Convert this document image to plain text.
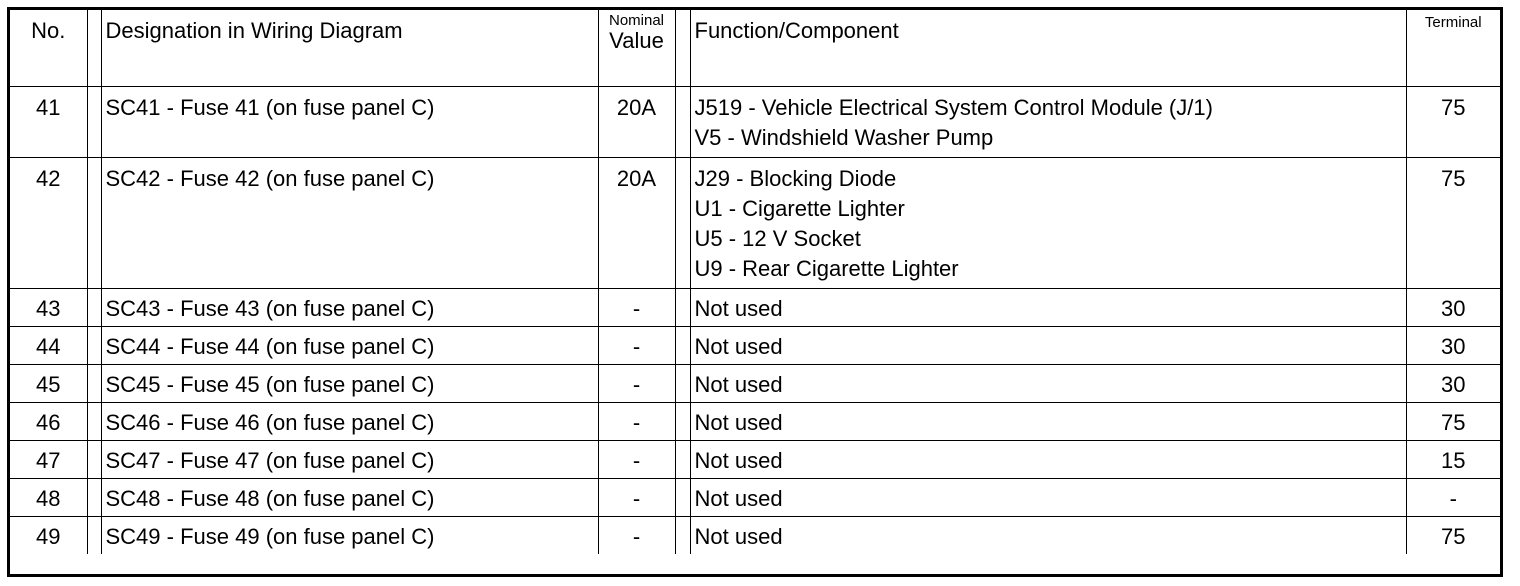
No.		Designation in Wiring Diagram	Nominal
Value		Function/Component	Terminal
41		SC41 - Fuse 41 (on fuse panel C)	20A		J519 - Vehicle Electrical System Control Module (J/1)
V5 - Windshield Washer Pump	75
42		SC42 - Fuse 42 (on fuse panel C)	20A		J29 - Blocking Diode
U1 - Cigarette Lighter
U5 - 12 V Socket
U9 - Rear Cigarette Lighter	75
43		SC43 - Fuse 43 (on fuse panel C)	-		Not used	30
44		SC44 - Fuse 44 (on fuse panel C)	-		Not used	30
45		SC45 - Fuse 45 (on fuse panel C)	-		Not used	30
46		SC46 - Fuse 46 (on fuse panel C)	-		Not used	75
47		SC47 - Fuse 47 (on fuse panel C)	-		Not used	15
48		SC48 - Fuse 48 (on fuse panel C)	-		Not used	-
49		SC49 - Fuse 49 (on fuse panel C)	-		Not used	75
